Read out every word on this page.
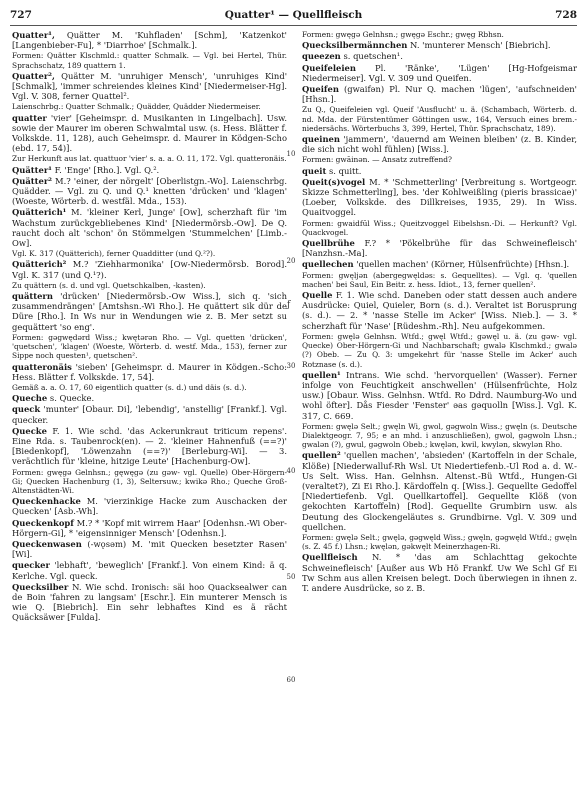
727	Quatter¹ — Quellfleisch	728

Quatter¹, Quätter M. 'Kuhfladen' [Schm], 'Katzenkot' [Langenbieber-Fu], * 'Diarrhoe' [Schmalk.].

Formen: Quätter Klschmld.: quatter Schmalk. — Vgl. bei Hertel, Thür. Sprachschatz, 189 quattern 1.

Quatter², Quätter M. 'unruhiger Mensch', 'unruhiges Kind' [Schmalk], 'immer schreiendes kleines Kind' [Niedermeiser-Hg]. Vgl. V. 308, ferner Quattel².

Laienschrbg.: Quatter Schmalk.; Quädder, Quädder Niedermeiser.

quatter 'vier' [Geheimspr. d. Musikanten in Lingelbach]. Usw. sowie der Maurer im oberen Schwalmtal usw. (s. Hess. Blätter f. Volkskde. 11, 128), auch Geheimspr. d. Maurer in Ködgen-Scho (ebd. 17, 54)].

Zur Herkunft aus lat. quattuor 'vier' s. a. a. O. 11, 172. Vgl. quatteronäis.

Quätter¹ F. 'Enge' [Rho.]. Vgl. Q.².

Quätter² M.? 'einer, der nörgelt' [Oberlistgn.-Wo]. Laienschrbg. Quädder. — Vgl. zu Q. und Q.¹ knetten 'drücken' und 'klagen' (Woeste, Wörterb. d. westfäl. Mda., 153).

Quätterich¹ M. 'kleiner Kerl, Junge' [Ow], scherzhaft für 'im Wachstum zurückgebliebenes Kind' [Niedermörsb.-Ow]. De Q. raucht doch alt 'schon' ön Stömmelgen 'Stummelchen' [Limb.-Ow].

Vgl. K. 317 (Quätterich), ferner Quadditter (und Q.²?).

Quätterich² M.? 'Ziehharmonika' [Ow-Niedermörsb. Borod]. Vgl. K. 317 (und Q.¹?).

Zu quättern (s. d. und vgl. Quetschkalben, -kasten).

quättern 'drücken' [Niedermörsb.-Ow Wiss.], sich q. 'sich zusammendrängen' [Amtshsn.-Wi Rho.]. He quättert sik dür de Düre [Rho.]. In Ws nur in Wendungen wie z. B. Mer setzt su gequättert 'so eng'.

Formen: gəgwędərd Wiss.; kwętərən Rho. — Vgl. quetten 'drücken', 'quetschen', 'klagen' (Woeste, Wörterb. d. westf. Mda., 153), ferner zur Sippe noch questen¹, quetschen².

quatteronäis 'sieben' [Geheimspr. d. Maurer in Ködgen.-Scho: Hess. Blätter f. Volkskde. 17, 54].

Gemäß a. a. O. 17, 60 eigentlich quatter (s. d.) und däis (s. d.).

Queche s. Quecke.

queck 'munter' [Obaur. Di], 'lebendig', 'anstellig' [Frankf.]. Vgl. quecker.

Quecke F. 1. Wie schd. 'das Ackerunkraut triticum repens'. Eine Rda. s. Taubenrock(en). — 2. 'kleiner Hahnenfuß (==?)' [Biedenkopf], 'Löwenzahn (==?)' [Berleburg-Wi]. — 3. verächtlich für 'kleine, hitzige Leute' [Hachenburg-Ow].

Formen: gwęgə Gelnhsn.; gęwęgə (zu gəw- vgl. Quelle) Ober-Hörgern-Gi; Quecken Hachenburg (1, 3), Seltersuw.; kwikə Rho.; Queche Groß-Altenstädten-Wi.

Queckenhacke M. 'vierzinkige Hacke zum Auschacken der Quecken' [Asb.-Wh].

Queckenkopf M.? * 'Kopf mit wirrem Haar' [Odenhsn.-Wi Ober-Hörgern-Gi], * 'eigensinniger Mensch' [Odenhsn.].

Queckenwasen (-wǫsəm) M. 'mit Quecken besetzter Rasen' [Wi].

quecker 'lebhaft', 'beweglich' [Frankf.]. Von einem Kind: ä q. Kerlche. Vgl. queck.

Quecksilber N. Wie schd. Ironisch: säi hoo Quacksealwer can de Boin 'fahren zu langsam' [Eschr.]. Ein munterer Mensch is wie Q. [Biebrich]. Ein sehr lebhaftes Kind es ä rächt Quäcksäwer [Fulda].

10
20
30
40
50
60
ƒ

Formen: gwęgə Gelnhsn.; gwęgə Eschr.; gwęg Rbhsn.

Quecksilbermännchen N. 'munterer Mensch' [Biebrich].

queezen s. quetschen¹.

Queifeleien Pl. 'Ränke', 'Lügen' [Hg-Hofgeismar Niedermeiser]. Vgl. V. 309 und Queifen.

Queifen (gwaifən) Pl. Nur Q. machen 'lügen', 'aufschneiden' [Hhsn.].

Zu Q., Queifeleien vgl. Queif 'Ausflucht' u. ä. (Schambach, Wörterb. d. nd. Mda. der Fürstentümer Göttingen usw., 164, Versuch eines brem.-niedersächs. Wörterbuchs 3, 399, Hertel, Thür. Sprachschatz, 189).

queinen 'jammern', 'dauernd am Weinen bleiben' (z. B. Kinder, die sich nicht wohl fühlen) [Wiss.].

Formen: gwāinən. — Ansatz zutreffend?

queit s. quitt.

Queit(s)vogel M. * 'Schmetterling' [Verbreitung s. Wortgeogr. Skizze Schmetterling], bes. 'der Kohlweißling (pieris brassicae)' (Loeber, Volkskde. des Dillkreises, 1935, 29). In Wiss. Quaitvoggel.

Formen: gwaidfūl Wiss.; Queitzvoggel Eibelshsn.-Di. — Herkunft? Vgl. Quackvogel.

Quellbrühe F.? * 'Pökelbrühe für das Schweinefleisch' [Nanzhsn.-Ma].

quellechen 'quellen machen' (Körner, Hülsenfrüchte) [Hhsn.].

Formen: gwęljən (abergegwęldəs: s. Gequelltes). — Vgl. q. 'quellen machen' bei Saul, Ein Beitr. z. hess. Idiot., 13, ferner quellen².

Quelle F. 1. Wie schd. Daneben oder statt dessen auch andere Ausdrücke: Quiel, Quieler, Born (s. d.). Veraltet ist Borusprung (s. d.). — 2. * 'nasse Stelle im Acker' [Wiss. Nieb.]. — 3. * scherzhaft für 'Nase' [Rüdeshm.-Rh]. Neu aufgekommen.

Formen: gwęlə Gelnhsn. Wtfd.; gwęl Wtfd.; gəwęl u. ä. (zu gəw- vgl. Quecke) Ober-Hörgern-Gi und Nachbarschaft; gwalə Klschmkd.; gwalə (?) Obeb. — Zu Q. 3: umgekehrt für 'nasse Stelle im Acker' auch Rotznase (s. d.).

quellen¹ Intrans. Wie schd. 'hervorquellen' (Wasser). Ferner infolge von Feuchtigkeit anschwellen' (Hülsenfrüchte, Holz usw.) [Obaur. Wiss. Gelnhsn. Wtfd. Ro Ddrd. Naumburg-Wo und wohl öfter]. Dås Fiesder 'Fenster' əas gəquolln [Wiss.]. Vgl. K. 317, C. 669.

Formen: gwęlə Selt.; gwęln Wi, gwol, gəgwoln Wiss.; gwęln (s. Deutsche Dialektgeogr. 7, 95; e an mhd. i anzuschließen), gwol, gəgwoln Lhsn.; gwalən (?), gwul, gəgwoln Obeb.; kwęlən, kwil, kwylən, skwylən Rho.

quellen² 'quellen machen', 'absieden' (Kartoffeln in der Schale, Klöße) [Niederwalluf-Rh Wsl. Ut Niedertiefenb.-Ul Rod a. d. W.-Us Selt. Wiss. Han. Gelnhsn. Altenst.-Bü Wtfd., Hungen-Gi (veraltet?), Zi Ei Rho.]. Kärdoffeln q. [Wiss.]. Gequellte Gedoffel [Niedertiefenb. Vgl. Quellkartoffel]. Gequellte Klöß (von gekochten Kartoffeln) [Rod]. Gequellte Grumbirn usw. als Deutung des Glockengeläutes s. Grundbirne. Vgl. V. 309 und quellchen.

Formen: gwęlə Selt.; gwęlə, gəgwęld Wiss.; gwęln, gəgwęld Wtfd.; gwęln (s. Z. 45 f.) Lhsn.; kwęlən, gəkwęlt Meinerzhagen-Ri.

Quellfleisch N. * 'das am Schlachttag gekochte Schweinefleisch' [Außer aus Wb Hö Frankf. Uw We Schl Gf Ei Tw Schm aus allen Kreisen belegt. Doch überwiegen in ihnen z. T. andere Ausdrücke, so z. B.
